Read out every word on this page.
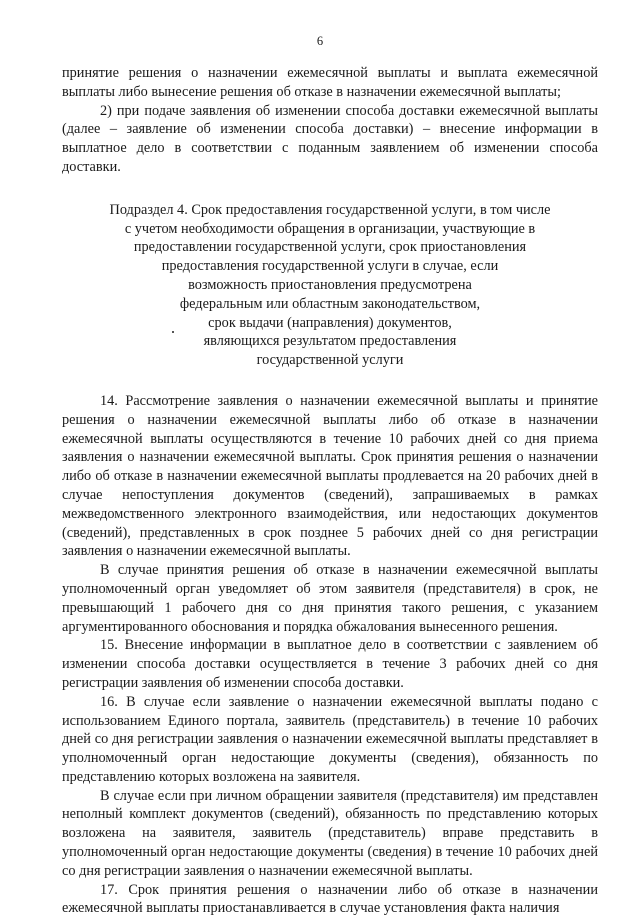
6

принятие решения о назначении ежемесячной выплаты и выплата ежемесячной выплаты либо вынесение решения об отказе в назначении ежемесячной выплаты;

2) при подаче заявления об изменении способа доставки ежемесячной выплаты (далее – заявление об изменении способа доставки) – внесение информации в выплатное дело в соответствии с поданным заявлением об изменении способа доставки.

Подраздел 4. Срок предоставления государственной услуги, в том числе
с учетом необходимости обращения в организации, участвующие в
предоставлении государственной услуги, срок приостановления
предоставления государственной услуги в случае, если
возможность приостановления предусмотрена
федеральным или областным законодательством,
срок выдачи (направления) документов,
являющихся результатом предоставления
государственной услуги

14. Рассмотрение заявления о назначении ежемесячной выплаты и принятие решения о назначении ежемесячной выплаты либо об отказе в назначении ежемесячной выплаты осуществляются в течение 10 рабочих дней со дня приема заявления о назначении ежемесячной выплаты. Срок принятия решения о назначении либо об отказе в назначении ежемесячной выплаты продлевается на 20 рабочих дней в случае непоступления документов (сведений), запрашиваемых в рамках межведомственного электронного взаимодействия, или недостающих документов (сведений), представленных в срок позднее 5 рабочих дней со дня регистрации заявления о назначении ежемесячной выплаты.

В случае принятия решения об отказе в назначении ежемесячной выплаты уполномоченный орган уведомляет об этом заявителя (представителя) в срок, не превышающий 1 рабочего дня со дня принятия такого решения, с указанием аргументированного обоснования и порядка обжалования вынесенного решения.

15. Внесение информации в выплатное дело в соответствии с заявлением об изменении способа доставки осуществляется в течение 3 рабочих дней со дня регистрации заявления об изменении способа доставки.

16. В случае если заявление о назначении ежемесячной выплаты подано с использованием Единого портала, заявитель (представитель) в течение 10 рабочих дней со дня регистрации заявления о назначении ежемесячной выплаты представляет в уполномоченный орган недостающие документы (сведения), обязанность по представлению которых возложена на заявителя.

В случае если при личном обращении заявителя (представителя) им представлен неполный комплект документов (сведений), обязанность по представлению которых возложена на заявителя, заявитель (представитель) вправе представить в уполномоченный орган недостающие документы (сведения) в течение 10 рабочих дней со дня регистрации заявления о назначении ежемесячной выплаты.

17. Срок принятия решения о назначении либо об отказе в назначении ежемесячной выплаты приостанавливается в случае установления факта наличия
